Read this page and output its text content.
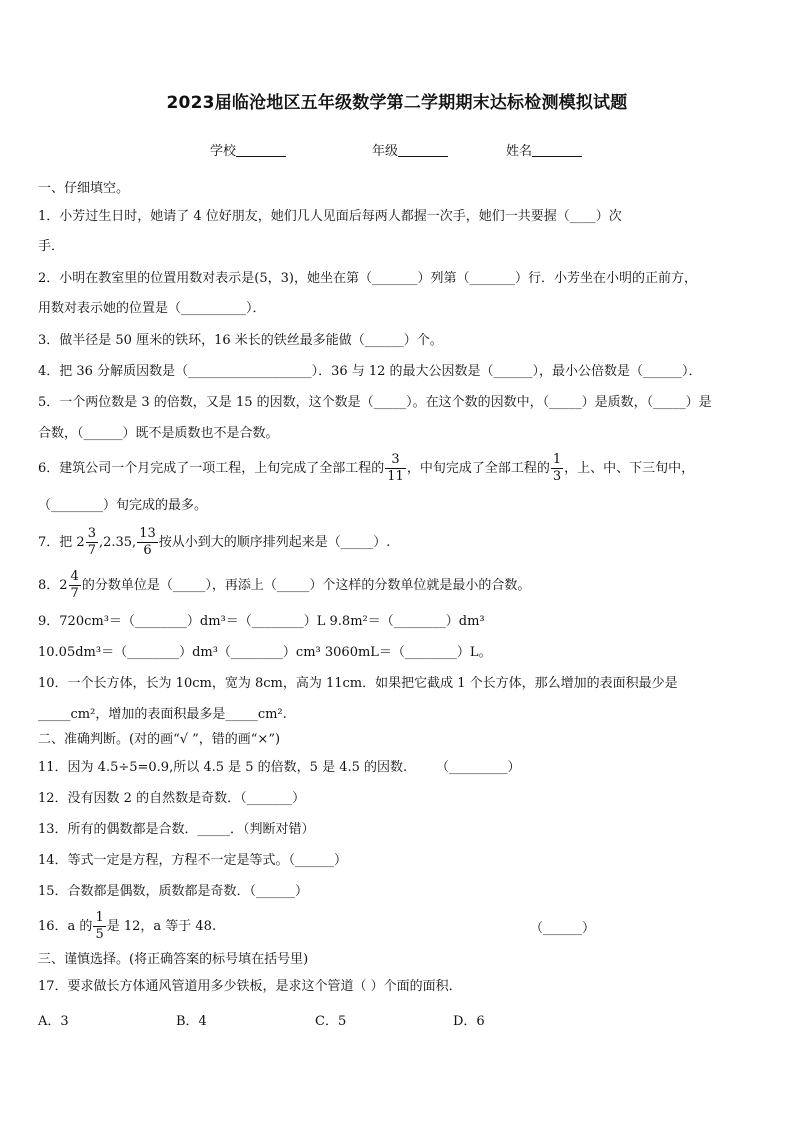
2023届临沧地区五年级数学第二学期期末达标检测模拟试题
学校	年级	姓名
一、仔细填空。
1．小芳过生日时，她请了 4 位好朋友，她们几人见面后每两人都握一次手，她们一共要握（____）次
手．
2．小明在教室里的位置用数对表示是(5，3)，她坐在第（_______）列第（_______）行．小芳坐在小明的正前方，
用数对表示她的位置是（__________）．
3．做半径是 50 厘米的铁环，16 米长的铁丝最多能做（______）个。
4．把 36 分解质因数是（___________________）．36 与 12 的最大公因数是（______），最小公倍数是（______）．
5．一个两位数是 3 的倍数，又是 15 的因数，这个数是（_____）。在这个数的因数中，（_____）是质数，（_____）是
合数，（______）既不是质数也不是合数。
6．建筑公司一个月完成了一项工程，上旬完成了全部工程的 $\frac{3}{11}$ ，中旬完成了全部工程的 $\frac{1}{3}$ ，上、中、下三旬中，
（________）旬完成的最多。
7．把 $2 \frac{3}{7} ,2.35$, $\frac{13}{6}$ 按从小到大的顺序排列起来是（_____）.
8．$2 \frac{4}{7}$ 的分数单位是（_____），再添上（_____）个这样的分数单位就是最小的合数。
9．720cm³＝（________）dm³＝（________）L 9.8m²＝（________）dm³
10.05dm³＝（________）dm³（________）cm³ 3060mL＝（________）L。
10．一个长方体，长为 10cm，宽为 8cm，高为 11cm．如果把它截成 1 个长方体，那么增加的表面积最少是
_____cm²，增加的表面积最多是_____cm².
二、准确判断。(对的画“√ ”，错的画“×”)
11．因为 4.5÷5=0.9,所以 4.5 是 5 的倍数，5 是 4.5 的因数. （_________）
12．没有因数 2 的自然数是奇数．（_______）
13．所有的偶数都是合数．_____．（判断对错）
14．等式一定是方程，方程不一定是等式。（______）
15．合数都是偶数，质数都是奇数．（______）
16．a 的 $\frac{1}{5}$ 是 12，a 等于 48.	（______）
三、谨慎选择。(将正确答案的标号填在括号里)
17．要求做长方体通风管道用多少铁板，是求这个管道（ ）个面的面积．
A．3	B．4	C．5	D．6
